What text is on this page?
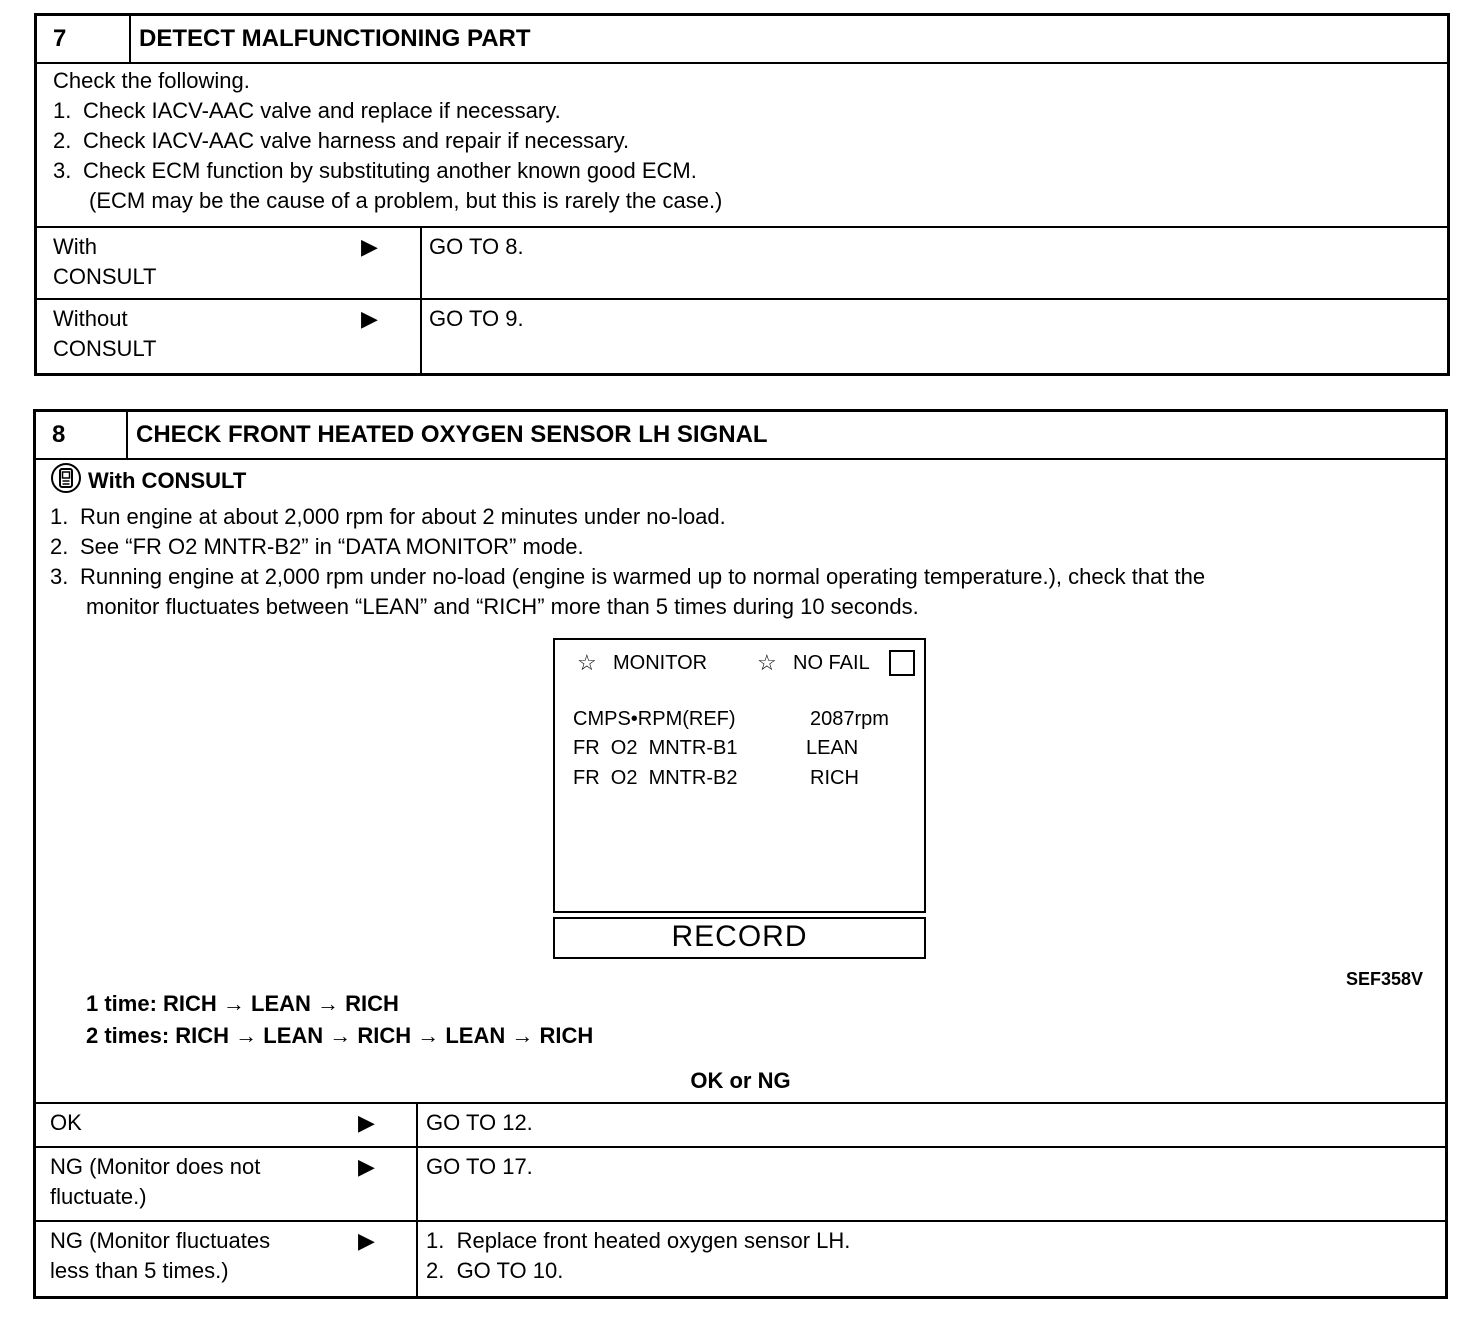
7	DETECT MALFUNCTIONING PART
Check the following.
1. Check IACV-AAC valve and replace if necessary.
2. Check IACV-AAC valve harness and repair if necessary.
3. Check ECM function by substituting another known good ECM.
(ECM may be the cause of a problem, but this is rarely the case.)
With
CONSULT
▶ GO TO 8.
Without
CONSULT
▶ GO TO 9.
8	CHECK FRONT HEATED OXYGEN SENSOR LH SIGNAL
With CONSULT
1. Run engine at about 2,000 rpm for about 2 minutes under no-load.
2. See “FR O2 MNTR-B2” in “DATA MONITOR” mode.
3. Running engine at 2,000 rpm under no-load (engine is warmed up to normal operating temperature.), check that the
monitor fluctuates between “LEAN” and “RICH” more than 5 times during 10 seconds.
☆ MONITOR ☆ NO FAIL
CMPS•RPM(REF)	2087rpm
FR  O2  MNTR-B1	LEAN
FR  O2  MNTR-B2	RICH
RECORD
SEF358V
1 time: RICH → LEAN → RICH
2 times: RICH → LEAN → RICH → LEAN → RICH
OK or NG
OK	▶ GO TO 12.
NG (Monitor does not
fluctuate.)
▶ GO TO 17.
NG (Monitor fluctuates
less than 5 times.)
▶ 1.  Replace front heated oxygen sensor LH.
2.  GO TO 10.
